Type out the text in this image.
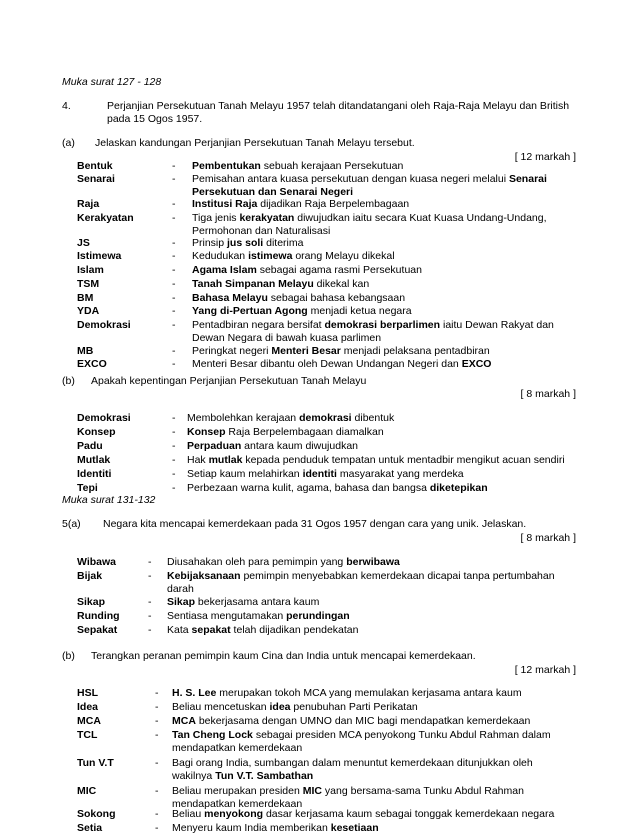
Muka surat 127 - 128
4.	Perjanjian Persekutuan Tanah Melayu 1957 telah ditandatangani oleh Raja-Raja Melayu dan British
pada 15 Ogos 1957.
(a) Jelaskan kandungan Perjanjian Persekutuan Tanah Melayu tersebut.
[ 12 markah ]
Bentuk	- Pembentukan sebuah kerajaan Persekutuan
Senarai	- Pemisahan antara kuasa persekutuan dengan kuasa negeri melalui Senarai
Persekutuan dan Senarai Negeri
Raja	- Institusi Raja dijadikan Raja Berpelembagaan
Kerakyatan	- Tiga jenis kerakyatan diwujudkan iaitu secara Kuat Kuasa Undang-Undang,
Permohonan dan Naturalisasi
JS	- Prinsip jus soli diterima
Istimewa	- Kedudukan istimewa orang Melayu dikekal
Islam	- Agama Islam sebagai agama rasmi Persekutuan
TSM	- Tanah Simpanan Melayu dikekal kan
BM	- Bahasa Melayu sebagai bahasa kebangsaan
YDA	- Yang di-Pertuan Agong menjadi ketua negara
Demokrasi	- Pentadbiran negara bersifat demokrasi berparlimen iaitu Dewan Rakyat dan
Dewan Negara di bawah kuasa parlimen
MB	- Peringkat negeri Menteri Besar menjadi pelaksana pentadbiran
EXCO	- Menteri Besar dibantu oleh Dewan Undangan Negeri dan EXCO
(b) Apakah kepentingan Perjanjian Persekutuan Tanah Melayu
[ 8 markah ]
Demokrasi	- Membolehkan kerajaan demokrasi dibentuk
Konsep	- Konsep Raja Berpelembagaan diamalkan
Padu	- Perpaduan antara kaum diwujudkan
Mutlak	- Hak mutlak kepada penduduk tempatan untuk mentadbir mengikut acuan sendiri
Identiti	- Setiap kaum melahirkan identiti masyarakat yang merdeka
Tepi	- Perbezaan warna kulit, agama, bahasa dan bangsa diketepikan
Muka surat 131-132
5(a) Negara kita mencapai kemerdekaan pada 31 Ogos 1957 dengan cara yang unik. Jelaskan.
[ 8 markah ]
Wibawa	- Diusahakan oleh para pemimpin yang berwibawa
Bijak	- Kebijaksanaan pemimpin menyebabkan kemerdekaan dicapai tanpa pertumbahan
darah
Sikap	- Sikap bekerjasama antara kaum
Runding	- Sentiasa mengutamakan perundingan
Sepakat	- Kata sepakat telah dijadikan pendekatan
(b) Terangkan peranan pemimpin kaum Cina dan India untuk mencapai kemerdekaan.
[ 12 markah ]
HSL	- H. S. Lee merupakan tokoh MCA yang memulakan kerjasama antara kaum
Idea	- Beliau mencetuskan idea penubuhan Parti Perikatan
MCA	- MCA bekerjasama dengan UMNO dan MIC bagi mendapatkan kemerdekaan
TCL	- Tan Cheng Lock sebagai presiden MCA penyokong Tunku Abdul Rahman dalam
mendapatkan kemerdekaan
Tun V.T	- Bagi orang India, sumbangan dalam menuntut kemerdekaan ditunjukkan oleh
wakilnya Tun V.T. Sambathan
MIC	- Beliau merupakan presiden MIC yang bersama-sama Tunku Abdul Rahman
mendapatkan kemerdekaan
Sokong	- Beliau menyokong dasar kerjasama kaum sebagai tonggak kemerdekaan negara
Setia	- Menyeru kaum India memberikan kesetiaan
